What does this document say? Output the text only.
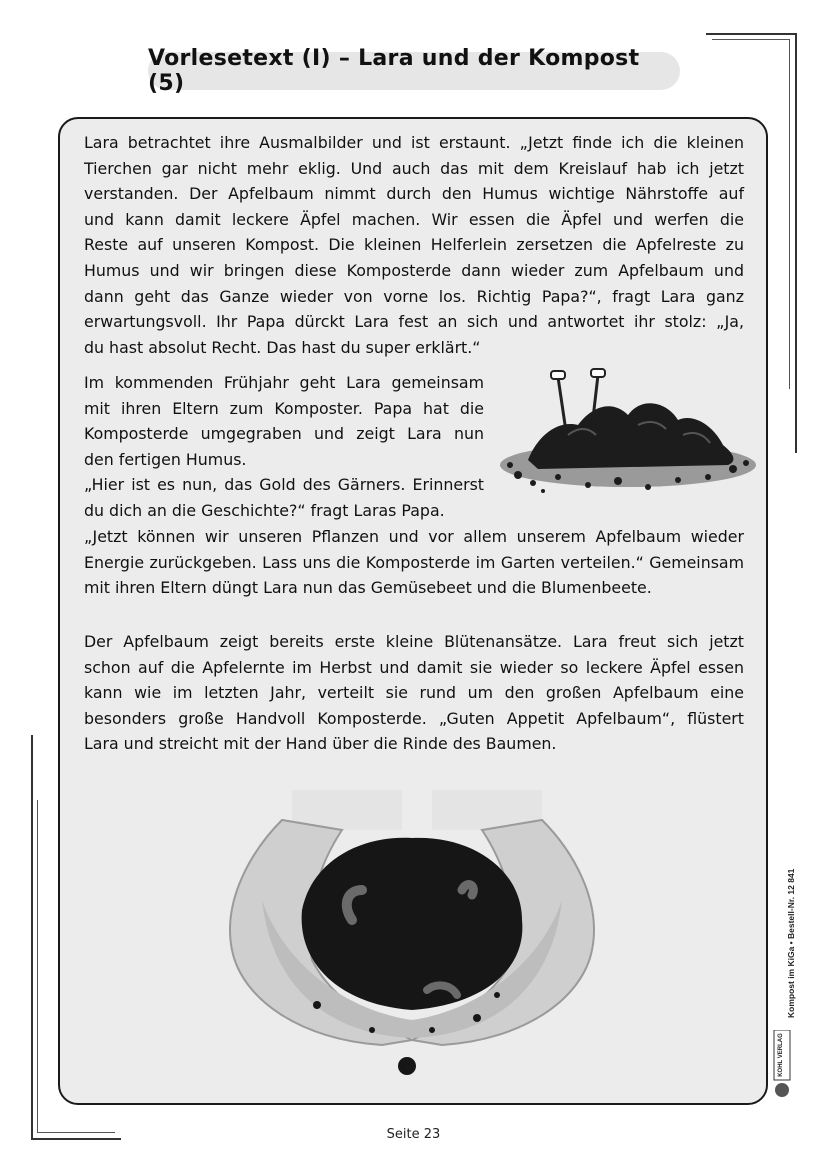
Vorlesetext (I) – Lara und der Kompost (5)
Lara betrachtet ihre Ausmalbilder und ist erstaunt. „Jetzt finde ich die kleinen
Tierchen gar nicht mehr eklig. Und auch das mit dem Kreislauf hab ich jetzt
verstanden. Der Apfelbaum nimmt durch den Humus wichtige Nährstoffe auf
und kann damit leckere Äpfel machen. Wir essen die Äpfel und werfen die
Reste auf unseren Kompost. Die kleinen Helferlein zersetzen die Apfelreste zu
Humus und wir bringen diese Komposterde dann wieder zum Apfelbaum und
dann geht das Ganze wieder von vorne los. Richtig Papa?“, fragt Lara ganz
erwartungsvoll. Ihr Papa dürckt Lara fest an sich und antwortet ihr stolz: „Ja,
du hast absolut Recht. Das hast du super erklärt.“
Im kommenden Frühjahr geht Lara gemeinsam
mit ihren Eltern zum Komposter. Papa hat die
Komposterde umgegraben und zeigt Lara nun
den fertigen Humus.
„Hier ist es nun, das Gold des Gärners. Erinnerst
du dich an die Geschichte?“ fragt Laras Papa.
„Jetzt können wir unseren Pflanzen und vor allem unserem Apfelbaum wieder
Energie zurückgeben. Lass uns die Komposterde im Garten verteilen.“ Gemeinsam
mit ihren Eltern düngt Lara nun das Gemüsebeet und die Blumenbeete.
Der Apfelbaum zeigt bereits erste kleine Blütenansätze. Lara freut sich jetzt
schon auf die Apfelernte im Herbst und damit sie wieder so leckere Äpfel essen
kann wie im letzten Jahr, verteilt sie rund um den großen Apfelbaum eine
besonders große Handvoll Komposterde. „Guten Appetit Apfelbaum“, flüstert
Lara und streicht mit der Hand über die Rinde des Baumen.
Kompost im KiGa • Bestell-Nr. 12 841
KOHL VERLAG
Seite 23
